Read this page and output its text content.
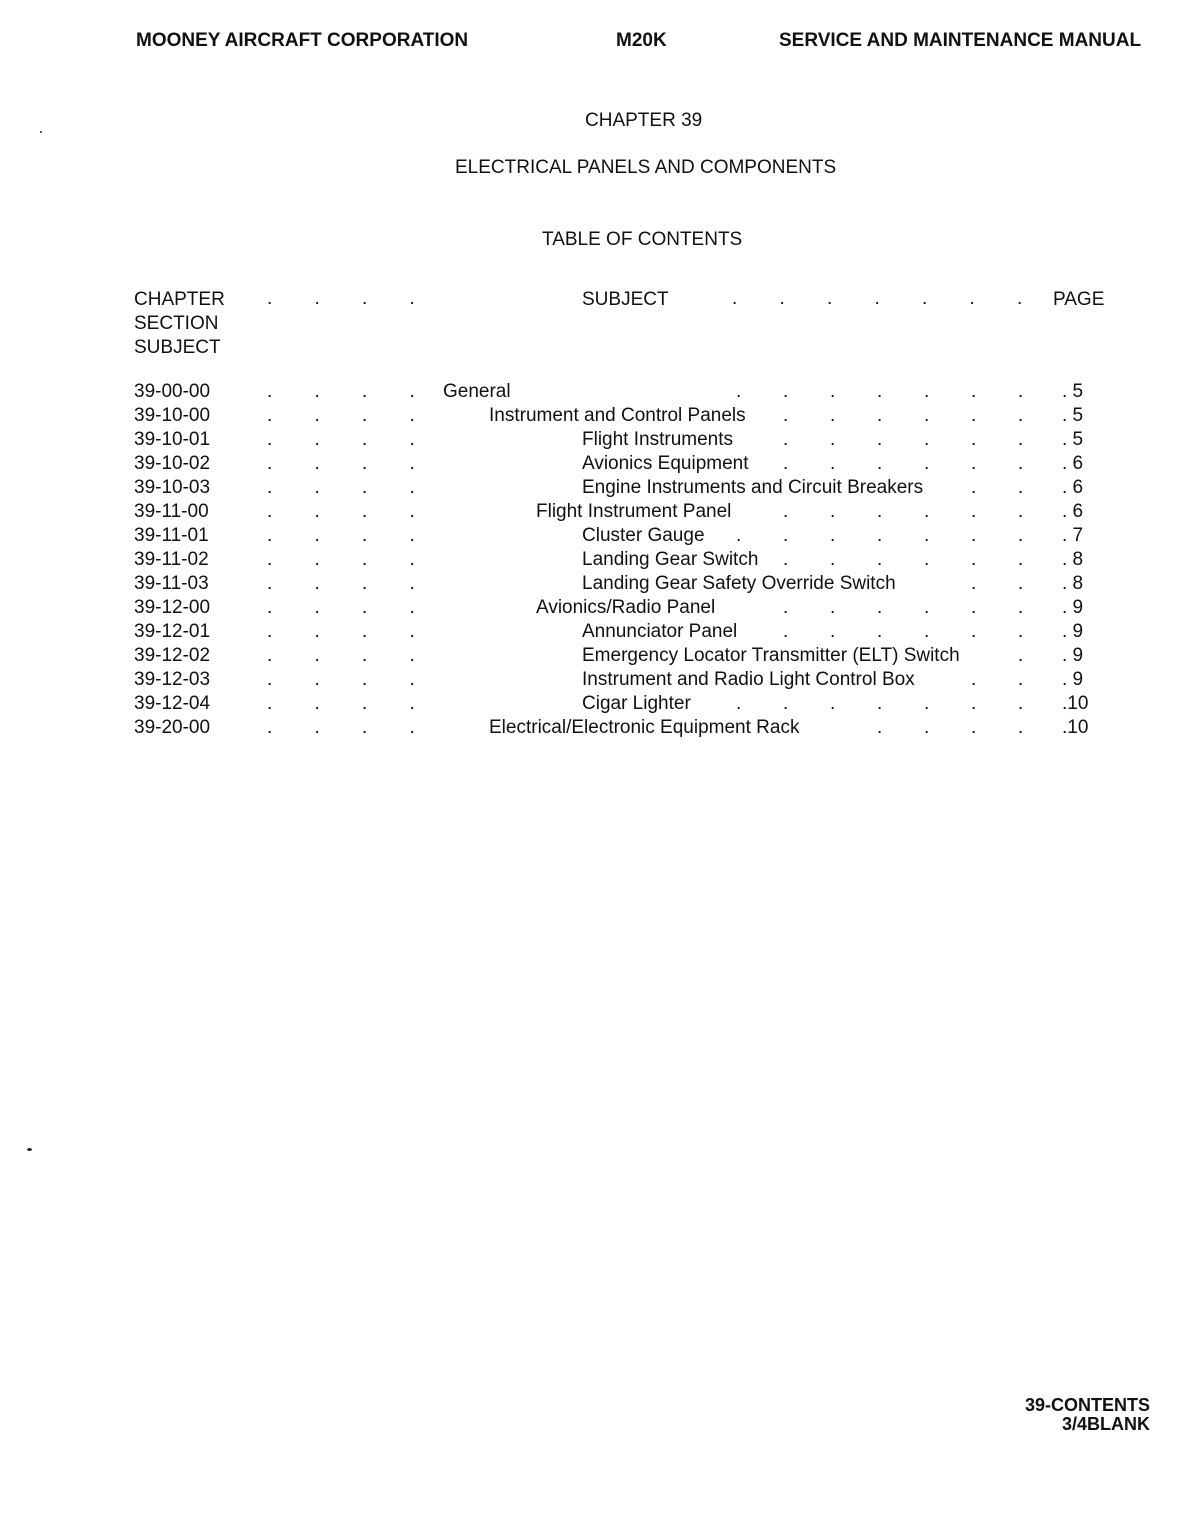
MOONEY AIRCRAFT CORPORATION	M20K	SERVICE AND MAINTENANCE MANUAL
CHAPTER 39
ELECTRICAL PANELS AND COMPONENTS
TABLE OF CONTENTS
CHAPTER
SECTION
SUBJECT
.        .        .        .	SUBJECT	.        .        .        .        .        .        . PAGE
39-00-00	.        .        .        . General	. . . . . . . . 5
39-10-00	.        .        .        .	Instrument and Control Panels . . . . . . . 5
39-10-01	.        .        .        .	Flight Instruments	. . . . . . . 5
39-10-02	.        .        .        .	Avionics Equipment . . . . . . . 6
39-10-03	.        .        .        .	Engine Instruments and Circuit Breakers	. . . 6
39-11-00	.        .        .        .	Flight Instrument Panel	. . . . . . . 6
39-11-01	.        .        .        .	Cluster Gauge . . . . . . . . 7
39-11-02	.        .        .        .	Landing Gear Switch . . . . . . . 8
39-11-03	.        .        .        .	Landing Gear Safety Override Switch	. . . 8
39-12-00	.        .        .        .	Avionics/Radio Panel	. . . . . . . 9
39-12-01	.        .        .        .	Annunciator Panel . . . . . . . 9
39-12-02	.        .        .        .	Emergency Locator Transmitter (ELT) Switch	. . 9
39-12-03	.        .        .        .	Instrument and Radio Light Control Box	. . . 9
39-12-04	.        .        .        .	Cigar Lighter . . . . . . . .10
39-20-00	.        .        .        .	Electrical/Electronic Equipment Rack	. . . . .10
39-CONTENTS
3/4BLANK
